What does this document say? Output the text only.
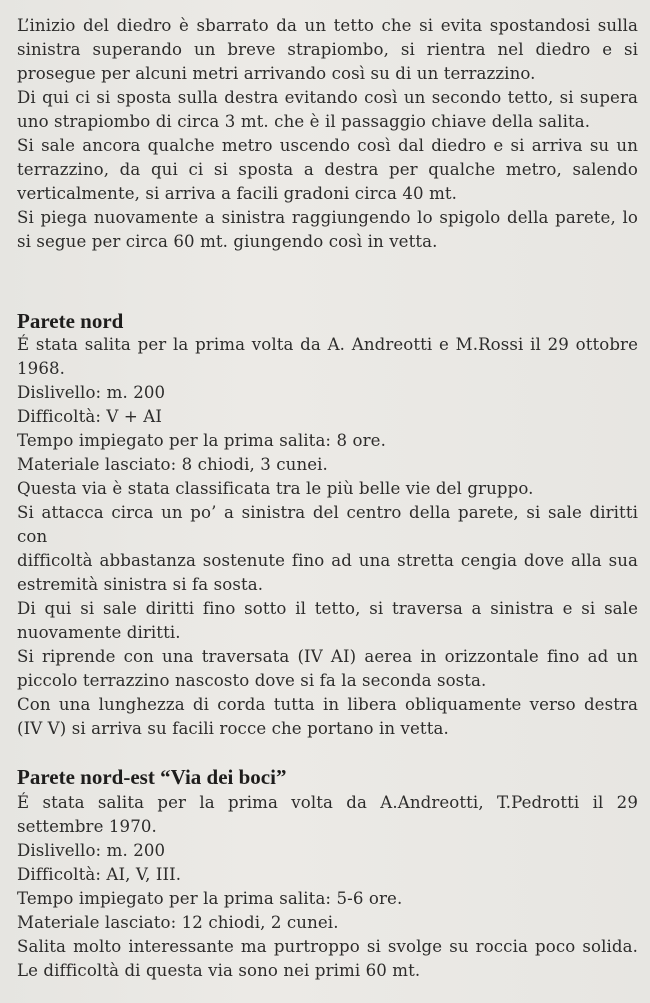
L’inizio del diedro è sbarrato da un tetto che si evita spostandosi sulla
sinistra superando un breve strapiombo, si rientra nel diedro e si
prosegue per alcuni metri arrivando così su di un terrazzino.
Di qui ci si sposta sulla destra evitando così un secondo tetto, si supera
uno strapiombo di circa 3 mt. che è il passaggio chiave della salita.
Si sale ancora qualche metro uscendo così dal diedro e si arriva su un
terrazzino, da qui ci si sposta a destra per qualche metro, salendo
verticalmente, si arriva a facili gradoni circa 40 mt.
Si piega nuovamente a sinistra raggiungendo lo spigolo della parete, lo
si segue per circa 60 mt. giungendo così in vetta.
Parete nord
É stata salita per la prima volta da A. Andreotti e M.Rossi il 29 ottobre
1968.
Dislivello: m. 200
Difficoltà: V + AI
Tempo impiegato per la prima salita: 8 ore.
Materiale lasciato: 8 chiodi, 3 cunei.
Questa via è stata classificata tra le più belle vie del gruppo.
Si attacca circa un po’ a sinistra del centro della parete, si sale diritti con
difficoltà abbastanza sostenute fino ad una stretta cengia dove alla sua
estremità sinistra si fa sosta.
Di qui si sale diritti fino sotto il tetto, si traversa a sinistra e si sale
nuovamente diritti.
Si riprende con una traversata (IV AI) aerea in orizzontale fino ad un
piccolo terrazzino nascosto dove si fa la seconda sosta.
Con una lunghezza di corda tutta in libera obliquamente verso destra
(IV V) si arriva su facili rocce che portano in vetta.
Parete nord-est “Via dei boci”
É stata salita per la prima volta da A.Andreotti, T.Pedrotti il 29
settembre 1970.
Dislivello: m. 200
Difficoltà: AI, V, III.
Tempo impiegato per la prima salita: 5-6 ore.
Materiale lasciato: 12 chiodi, 2 cunei.
Salita molto interessante ma purtroppo si svolge su roccia poco solida.
Le difficoltà di questa via sono nei primi 60 mt.
